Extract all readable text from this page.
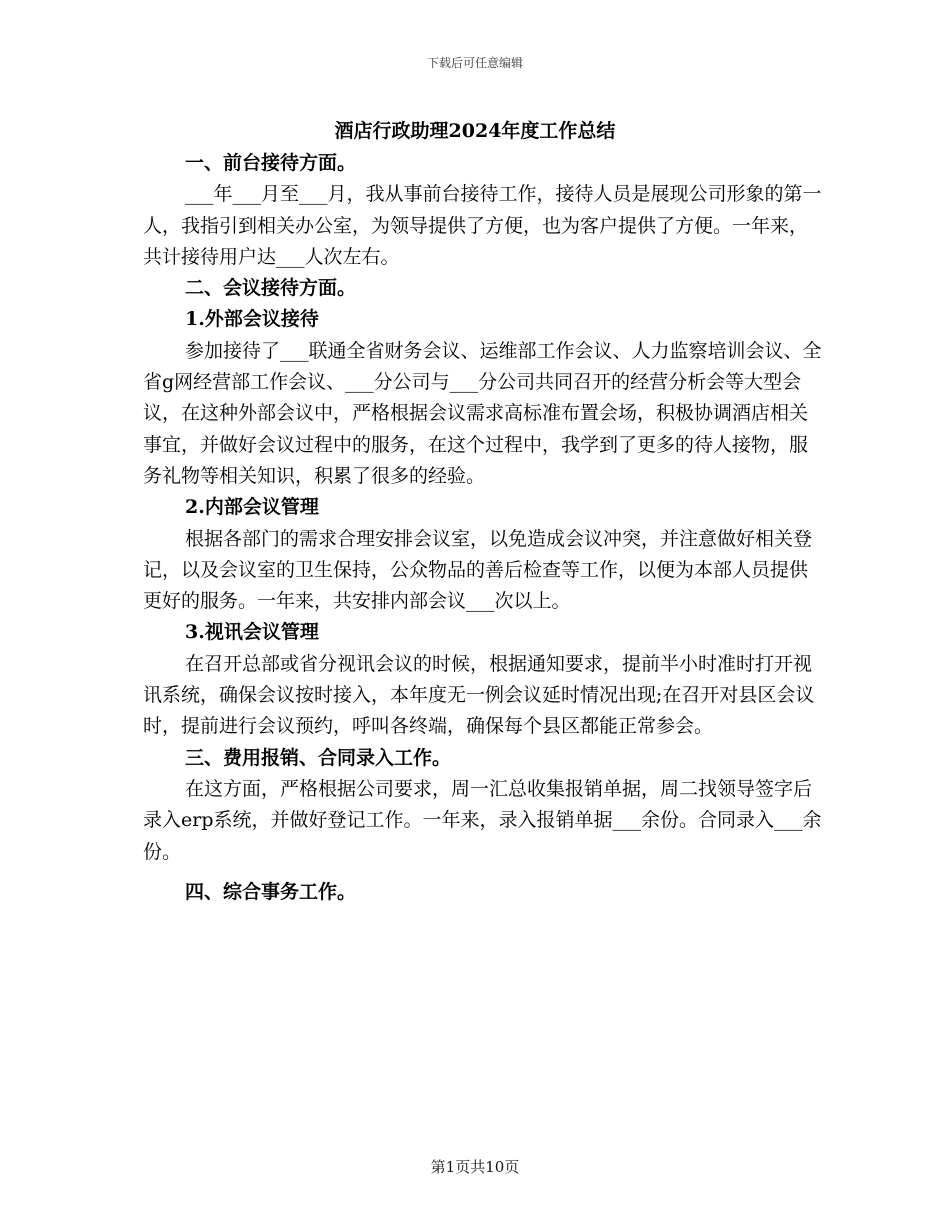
下载后可任意编辑
酒店行政助理2024年度工作总结
一、前台接待方面。
___年___月至___月，我从事前台接待工作，接待人员是展现公司形象的第一人，我指引到相关办公室，为领导提供了方便，也为客户提供了方便。一年来，共计接待用户达___人次左右。
二、会议接待方面。
1.外部会议接待
参加接待了___联通全省财务会议、运维部工作会议、人力监察培训会议、全省g网经营部工作会议、___分公司与___分公司共同召开的经营分析会等大型会议，在这种外部会议中，严格根据会议需求高标准布置会场，积极协调酒店相关事宜，并做好会议过程中的服务，在这个过程中，我学到了更多的待人接物，服务礼物等相关知识，积累了很多的经验。
2.内部会议管理
根据各部门的需求合理安排会议室，以免造成会议冲突，并注意做好相关登记，以及会议室的卫生保持，公众物品的善后检查等工作，以便为本部人员提供更好的服务。一年来，共安排内部会议___次以上。
3.视讯会议管理
在召开总部或省分视讯会议的时候，根据通知要求，提前半小时准时打开视讯系统，确保会议按时接入，本年度无一例会议延时情况出现;在召开对县区会议时，提前进行会议预约，呼叫各终端，确保每个县区都能正常参会。
三、费用报销、合同录入工作。
在这方面，严格根据公司要求，周一汇总收集报销单据，周二找领导签字后录入erp系统，并做好登记工作。一年来，录入报销单据___余份。合同录入___余份。
四、综合事务工作。
第1页共10页
